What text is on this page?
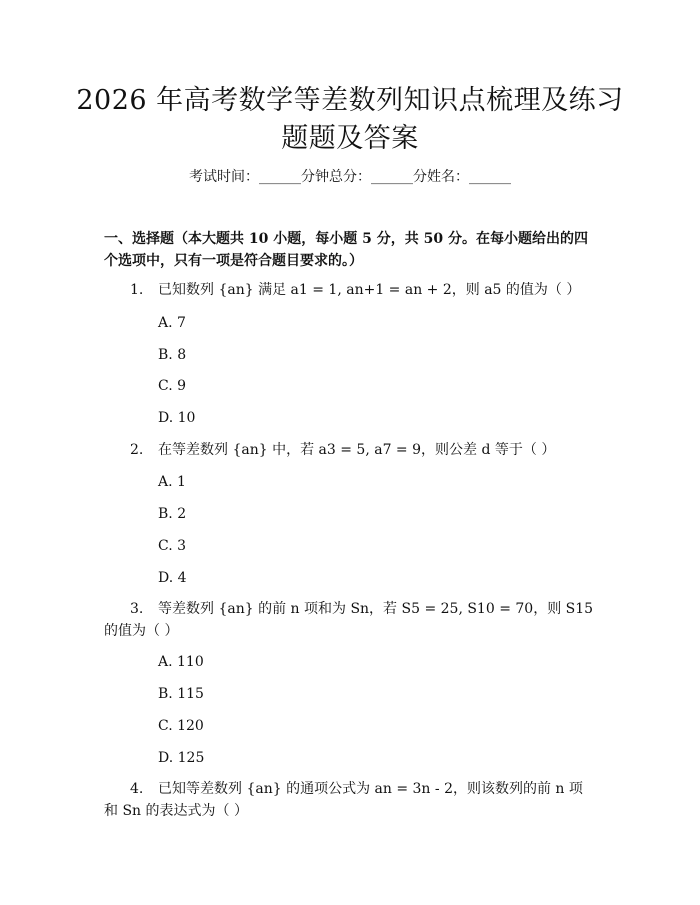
2026 年高考数学等差数列知识点梳理及练习
题题及答案
考试时间：______分钟总分：______分姓名：______
一、选择题（本大题共 10 小题，每小题 5 分，共 50 分。在每小题给出的四个选项中，只有一项是符合题目要求的。）
1.	已知数列 {an} 满足 a1 = 1, an+1 = an + 2，则 a5 的值为（ ）
A. 7
B. 8
C. 9
D. 10
2.	在等差数列 {an} 中，若 a3 = 5, a7 = 9，则公差 d 等于（ ）
A. 1
B. 2
C. 3
D. 4
3.	等差数列 {an} 的前 n 项和为 Sn，若 S5 = 25, S10 = 70，则 S15 的值为（ ）
A. 110
B. 115
C. 120
D. 125
4.	已知等差数列 {an} 的通项公式为 an = 3n - 2，则该数列的前 n 项和 Sn 的表达式为（ ）
